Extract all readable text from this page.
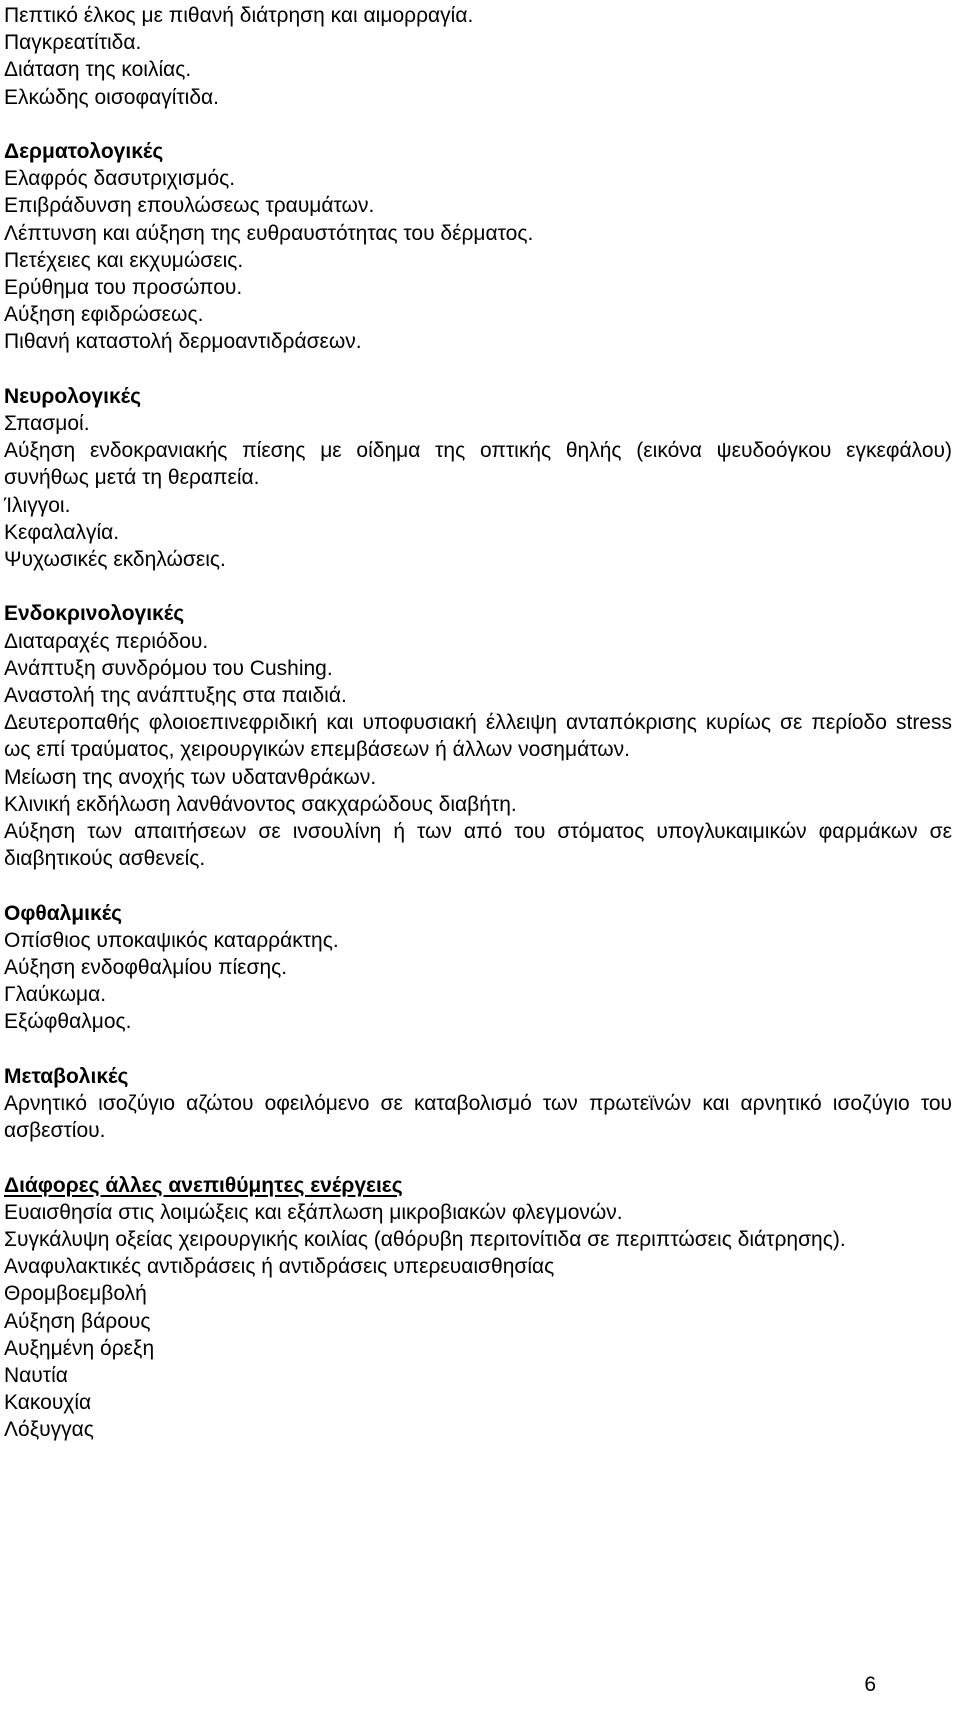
Πεπτικό έλκος με πιθανή διάτρηση και αιμορραγία.

Παγκρεατίτιδα.

Διάταση της κοιλίας.

Ελκώδης οισοφαγίτιδα.

Δερματολογικές

Ελαφρός δασυτριχισμός.

Επιβράδυνση επουλώσεως τραυμάτων.

Λέπτυνση και αύξηση της ευθραυστότητας του δέρματος.

Πετέχειες και εκχυμώσεις.

Ερύθημα του προσώπου.

Αύξηση εφιδρώσεως.

Πιθανή καταστολή δερμοαντιδράσεων.

Νευρολογικές

Σπασμοί.

Αύξηση ενδοκρανιακής πίεσης με οίδημα της οπτικής θηλής (εικόνα ψευδοόγκου εγκεφάλου) συνήθως μετά τη θεραπεία.

Ίλιγγοι.

Κεφαλαλγία.

Ψυχωσικές εκδηλώσεις.

Ενδοκρινολογικές

Διαταραχές περιόδου.

Ανάπτυξη συνδρόμου του Cushing.

Αναστολή της ανάπτυξης στα παιδιά.

Δευτεροπαθής φλοιοεπινεφριδική και υποφυσιακή έλλειψη ανταπόκρισης κυρίως σε περίοδο stress ως επί τραύματος, χειρουργικών επεμβάσεων ή άλλων νοσημάτων.

Μείωση της ανοχής των υδατανθράκων.

Κλινική εκδήλωση λανθάνοντος σακχαρώδους διαβήτη.

Αύξηση των απαιτήσεων σε ινσουλίνη ή των από του στόματος υπογλυκαιμικών φαρμάκων σε διαβητικούς ασθενείς.

Οφθαλμικές

Οπίσθιος υποκαψικός καταρράκτης.

Αύξηση ενδοφθαλμίου πίεσης.

Γλαύκωμα.

Εξώφθαλμος.

Μεταβολικές

Αρνητικό ισοζύγιο αζώτου οφειλόμενο σε καταβολισμό των πρωτεϊνών και αρνητικό ισοζύγιο του ασβεστίου.

Διάφορες άλλες ανεπιθύμητες ενέργειες

Ευαισθησία στις λοιμώξεις και εξάπλωση μικροβιακών φλεγμονών.

Συγκάλυψη οξείας χειρουργικής κοιλίας (αθόρυβη περιτονίτιδα σε περιπτώσεις διάτρησης).

Αναφυλακτικές αντιδράσεις ή αντιδράσεις υπερευαισθησίας

Θρομβοεμβολή

Αύξηση βάρους

Αυξημένη όρεξη

Ναυτία

Κακουχία

Λόξυγγας

6
